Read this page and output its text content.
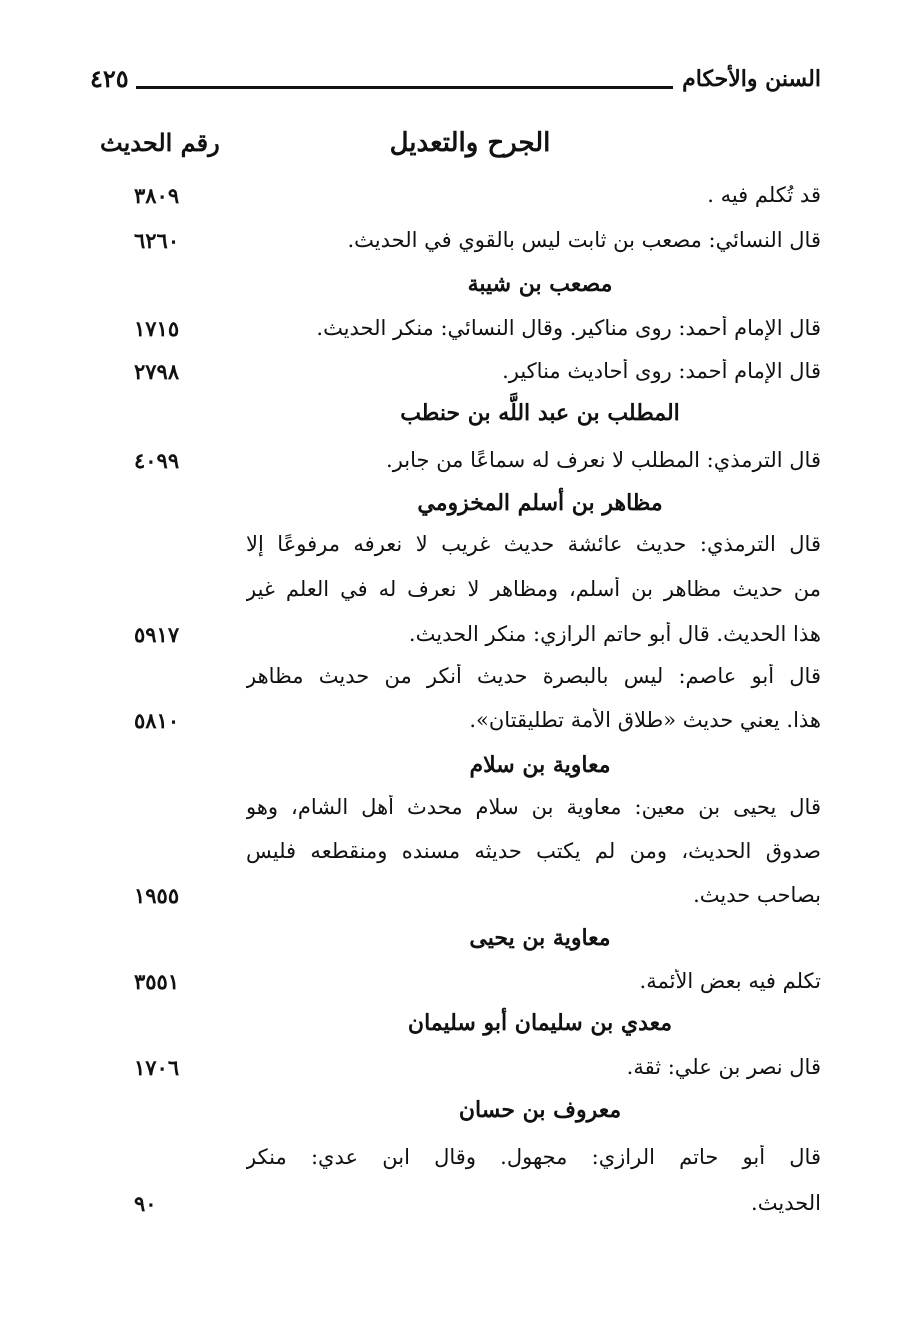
السنن والأحكام
٤٢٥
الجرح والتعديل
رقم الحديث
قد تُكلم فيه .
٣٨٠٩
قال النسائي: مصعب بن ثابت ليس بالقوي في الحديث.
٦٢٦٠
مصعب بن شيبة
قال الإمام أحمد: روى مناكير. وقال النسائي: منكر الحديث.
١٧١٥
قال الإمام أحمد: روى أحاديث مناكير.
٢٧٩٨
المطلب بن عبد اللَّه بن حنطب
قال الترمذي: المطلب لا نعرف له سماعًا من جابر.
٤٠٩٩
مظاهر بن أسلم المخزومي
قال الترمذي: حديث عائشة حديث غريب لا نعرفه مرفوعًا إلا
من حديث مظاهر بن أسلم، ومظاهر لا نعرف له في العلم غير
هذا الحديث. قال أبو حاتم الرازي: منكر الحديث.
٥٩١٧
قال أبو عاصم: ليس بالبصرة حديث أنكر من حديث مظاهر
هذا. يعني حديث «طلاق الأمة تطليقتان».
٥٨١٠
معاوية بن سلام
قال يحيى بن معين: معاوية بن سلام محدث أهل الشام، وهو
صدوق الحديث، ومن لم يكتب حديثه مسنده ومنقطعه فليس
بصاحب حديث.
١٩٥٥
معاوية بن يحيى
تكلم فيه بعض الأئمة.
٣٥٥١
معدي بن سليمان أبو سليمان
قال نصر بن علي: ثقة.
١٧٠٦
معروف بن حسان
قال أبو حاتم الرازي: مجهول. وقال ابن عدي: منكر
الحديث.
٩٠
